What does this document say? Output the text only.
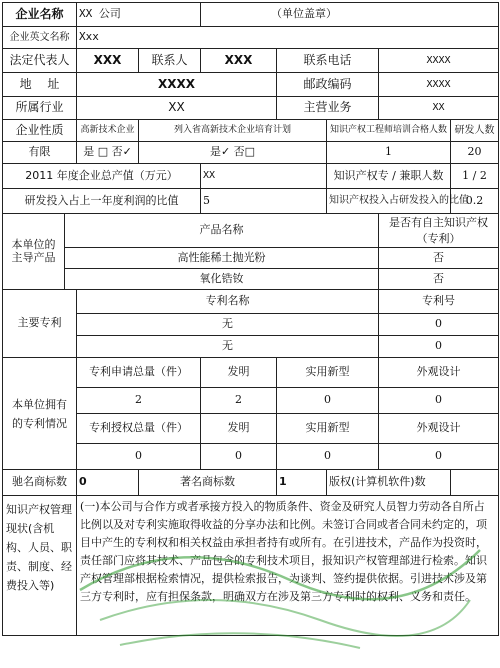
企业名称		XX 公司		（单位盖章）				
企业英文名称		Xxx						
法定代表人		XXX	联系人	XXX	联系电话		XXXX	
地　 址		XXXX			邮政编码		XXXX	
所属行业		XX			主营业务		XX	
企业性质		高新技术企业	列入省高新技术企业培育计划			知识产权工程师培训合格人数		研发人数
有限		是 □ 否✓	是✓ 否□			1		20
2011 年度企业总产值（万元）				XX		知识产权专 / 兼职人数		1 / 2
研发投入占上一年度利润的比值				5		知识产权投入占研发投入的比值		0.2
本单位的主导产品	产品名称						是否有自主知识产权（专利）	
	高性能稀土抛光粉						否	
	氧化锆钕						否	
主要专利		专利名称					专利号	
		无					0	
		无					0	
本单位拥有的专利情况		专利申请总量（件）		发明	实用新型		外观设计	
		2		2	0		0	
		专利授权总量（件）		发明	实用新型		外观设计	
		0		0	0		0	
驰名商标数		0	著名商标数		1	版权(计算机软件)数		
知识产权管理现状(含机构、人员、职责、制度、经费投入等)		(一)本公司与合作方或者承接方投入的物质条件、资金及研究人员智力劳动各自所占比例以及对专利实施取得收益的分享办法和比例。未签订合同或者合同未约定的，项目中产生的专利权和相关权益由承担者持有或所有。在引进技术，产品作为投资时，责任部门应将其技术、产品包含的专利技术项目，报知识产权管理部进行检索。知识产权管理部根据检索情况，提供检索报告，为谈判、签约提供依据。引进技术涉及第三方专利时，应有担保条款，明确双方在涉及第三方专利时的权利、义务和责任。						
